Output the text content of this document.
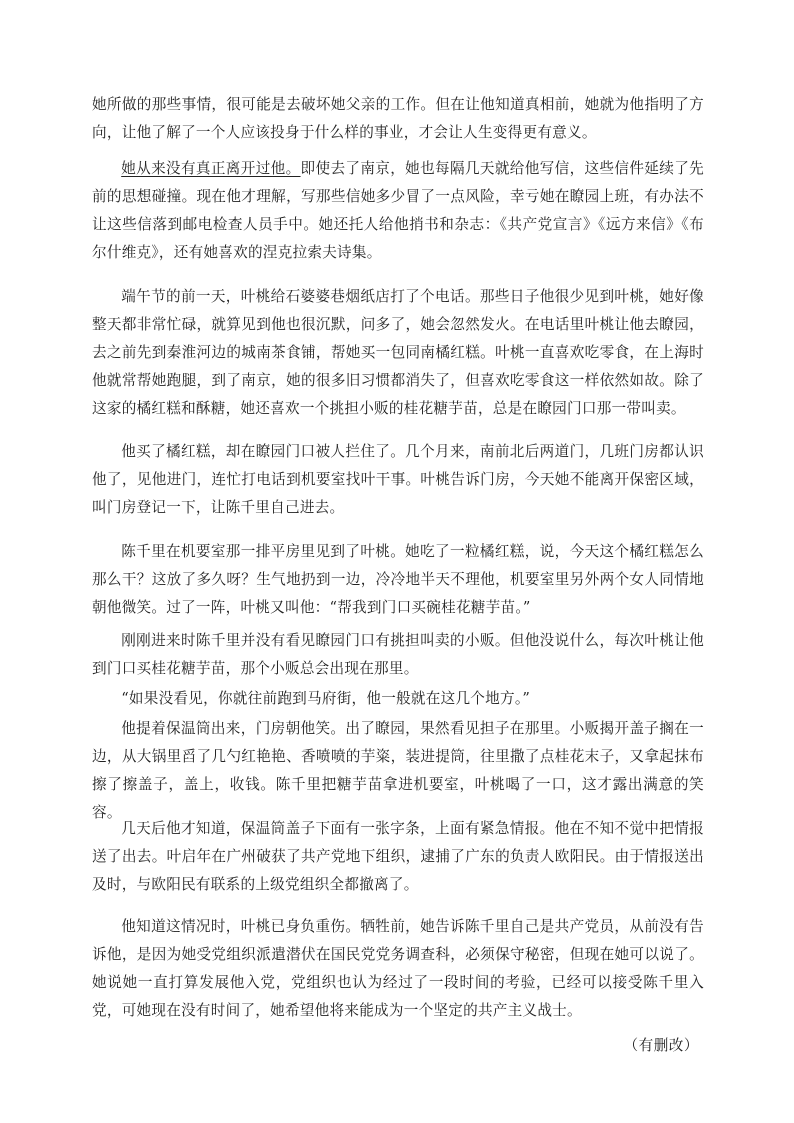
她所做的那些事情，很可能是去破坏她父亲的工作。但在让他知道真相前，她就为他指明了方向，让他了解了一个人应该投身于什么样的事业，才会让人生变得更有意义。

她从来没有真正离开过他。即使去了南京，她也每隔几天就给他写信，这些信件延续了先前的思想碰撞。现在他才理解，写那些信她多少冒了一点风险，幸亏她在瞭园上班，有办法不让这些信落到邮电检查人员手中。她还托人给他捎书和杂志：《共产党宣言》《远方来信》《布尔什维克》，还有她喜欢的涅克拉索夫诗集。

端午节的前一天，叶桃给石婆婆巷烟纸店打了个电话。那些日子他很少见到叶桃，她好像整天都非常忙碌，就算见到他也很沉默，问多了，她会忽然发火。在电话里叶桃让他去瞭园，去之前先到秦淮河边的城南茶食铺，帮她买一包同南橘红糕。叶桃一直喜欢吃零食，在上海时他就常帮她跑腿，到了南京，她的很多旧习惯都消失了，但喜欢吃零食这一样依然如故。除了这家的橘红糕和酥糖，她还喜欢一个挑担小贩的桂花糖芋苗，总是在瞭园门口那一带叫卖。

他买了橘红糕，却在瞭园门口被人拦住了。几个月来，南前北后两道门，几班门房都认识他了，见他进门，连忙打电话到机要室找叶干事。叶桃告诉门房，今天她不能离开保密区域，叫门房登记一下，让陈千里自己进去。

陈千里在机要室那一排平房里见到了叶桃。她吃了一粒橘红糕，说，今天这个橘红糕怎么那么干？这放了多久呀？生气地扔到一边，冷冷地半天不理他，机要室里另外两个女人同情地朝他微笑。过了一阵，叶桃又叫他：“帮我到门口买碗桂花糖芋苗。”

刚刚进来时陈千里并没有看见瞭园门口有挑担叫卖的小贩。但他没说什么，每次叶桃让他到门口买桂花糖芋苗，那个小贩总会出现在那里。

“如果没看见，你就往前跑到马府街，他一般就在这几个地方。”

他提着保温筒出来，门房朝他笑。出了瞭园，果然看见担子在那里。小贩揭开盖子搁在一边，从大锅里舀了几勺红艳艳、香喷喷的芋粢，装进提筒，往里撒了点桂花末子，又拿起抹布擦了擦盖子，盖上，收钱。陈千里把糖芋苗拿进机要室，叶桃喝了一口，这才露出满意的笑容。

几天后他才知道，保温筒盖子下面有一张字条，上面有紧急情报。他在不知不觉中把情报送了出去。叶启年在广州破获了共产党地下组织，逮捕了广东的负责人欧阳民。由于情报送出及时，与欧阳民有联系的上级党组织全都撤离了。

他知道这情况时，叶桃已身负重伤。牺牲前，她告诉陈千里自己是共产党员，从前没有告诉他，是因为她受党组织派遣潜伏在国民党党务调查科，必须保守秘密，但现在她可以说了。她说她一直打算发展他入党，党组织也认为经过了一段时间的考验，已经可以接受陈千里入党，可她现在没有时间了，她希望他将来能成为一个坚定的共产主义战士。

（有删改）
